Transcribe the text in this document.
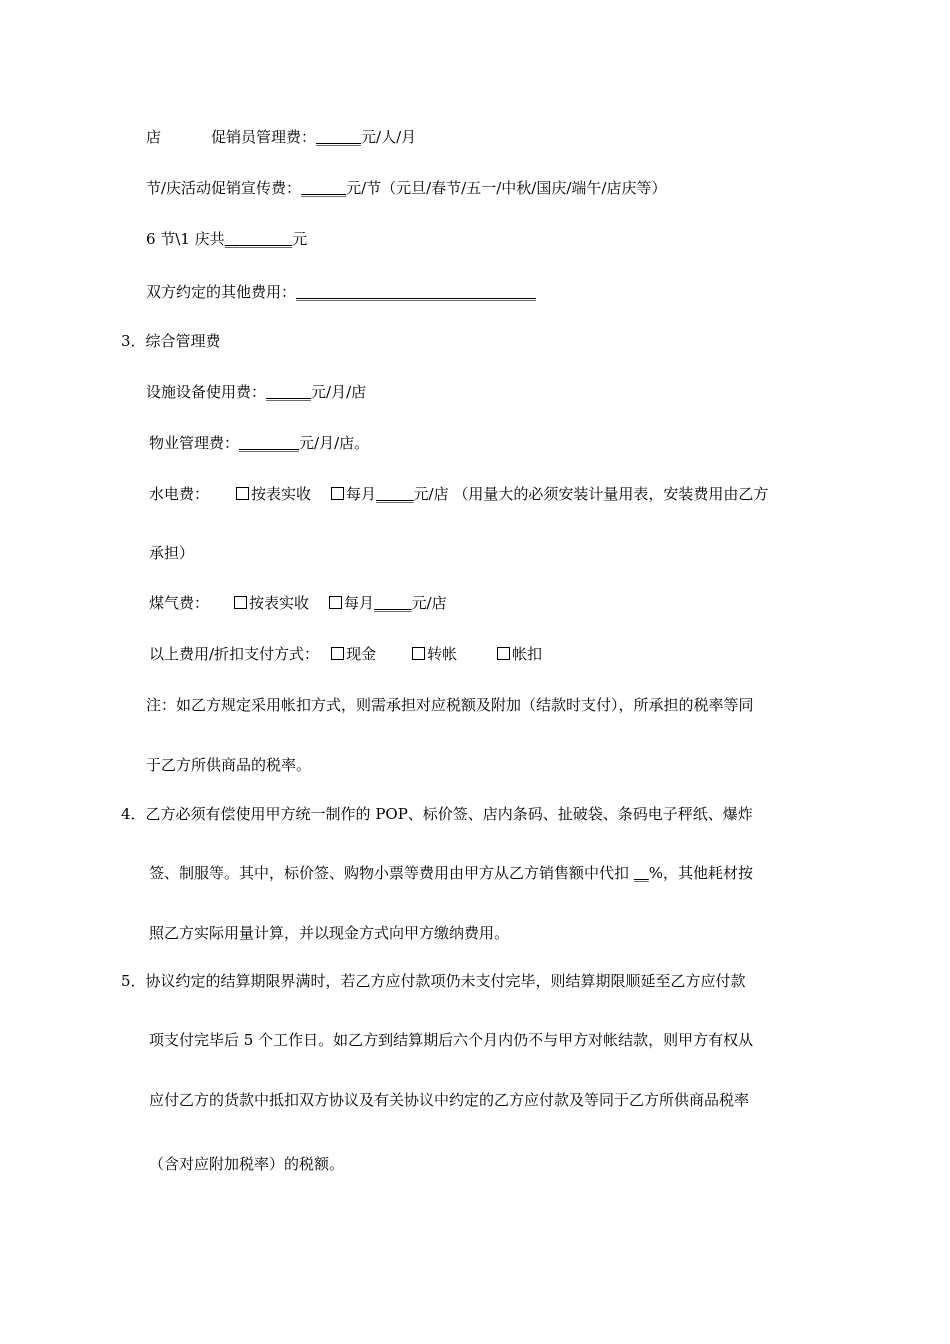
店	促销员管理费：______元/人/月
节/庆活动促销宣传费：______元/节（元旦/春节/五一/中秋/国庆/端午/店庆等）
6 节\1 庆共_________元
双方约定的其他费用：________________________________
3．综合管理费
设施设备使用费：______元/月/店
物业管理费：________元/月/店。
水电费：	按表实收 每月_____元/店 （用量大的必须安装计量用表，安装费用由乙方
承担）
煤气费：	按表实收 每月_____元/店
以上费用/折扣支付方式： 现金	转帐	帐扣
注：如乙方规定采用帐扣方式，则需承担对应税额及附加（结款时支付），所承担的税率等同
于乙方所供商品的税率。
4．乙方必须有偿使用甲方统一制作的 POP、标价签、店内条码、扯破袋、条码电子秤纸、爆炸
签、制服等。其中，标价签、购物小票等费用由甲方从乙方销售额中代扣 __%，其他耗材按
照乙方实际用量计算，并以现金方式向甲方缴纳费用。
5．协议约定的结算期限界满时，若乙方应付款项仍未支付完毕，则结算期限顺延至乙方应付款
项支付完毕后 5 个工作日。如乙方到结算期后六个月内仍不与甲方对帐结款，则甲方有权从
应付乙方的货款中抵扣双方协议及有关协议中约定的乙方应付款及等同于乙方所供商品税率
（含对应附加税率）的税额。
